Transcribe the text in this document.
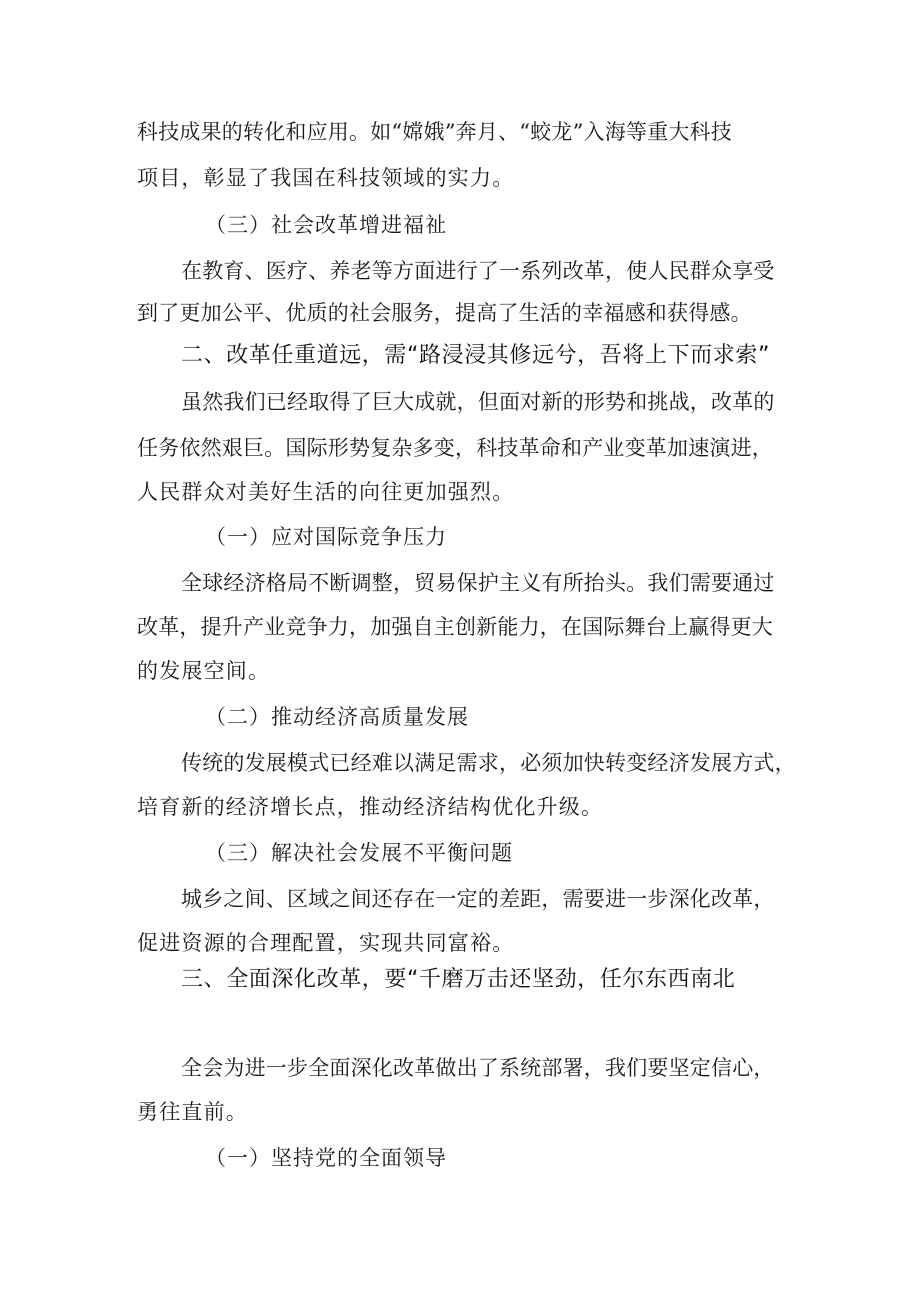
科技成果的转化和应用。如“嫦娥”奔月、“蛟龙”入海等重大科技
项目，彰显了我国在科技领域的实力。
（三）社会改革增进福祉
在教育、医疗、养老等方面进行了一系列改革，使人民群众享受
到了更加公平、优质的社会服务，提高了生活的幸福感和获得感。
二、改革任重道远，需“路浸浸其修远兮，吾将上下而求索”
虽然我们已经取得了巨大成就，但面对新的形势和挑战，改革的
任务依然艰巨。国际形势复杂多变，科技革命和产业变革加速演进，
人民群众对美好生活的向往更加强烈。
（一）应对国际竞争压力
全球经济格局不断调整，贸易保护主义有所抬头。我们需要通过
改革，提升产业竞争力，加强自主创新能力，在国际舞台上赢得更大
的发展空间。
（二）推动经济高质量发展
传统的发展模式已经难以满足需求，必须加快转变经济发展方式，
培育新的经济增长点，推动经济结构优化升级。
（三）解决社会发展不平衡问题
城乡之间、区域之间还存在一定的差距，需要进一步深化改革，
促进资源的合理配置，实现共同富裕。
三、全面深化改革，要“千磨万击还坚劲，任尔东西南北
全会为进一步全面深化改革做出了系统部署，我们要坚定信心，
勇往直前。
（一）坚持党的全面领导
